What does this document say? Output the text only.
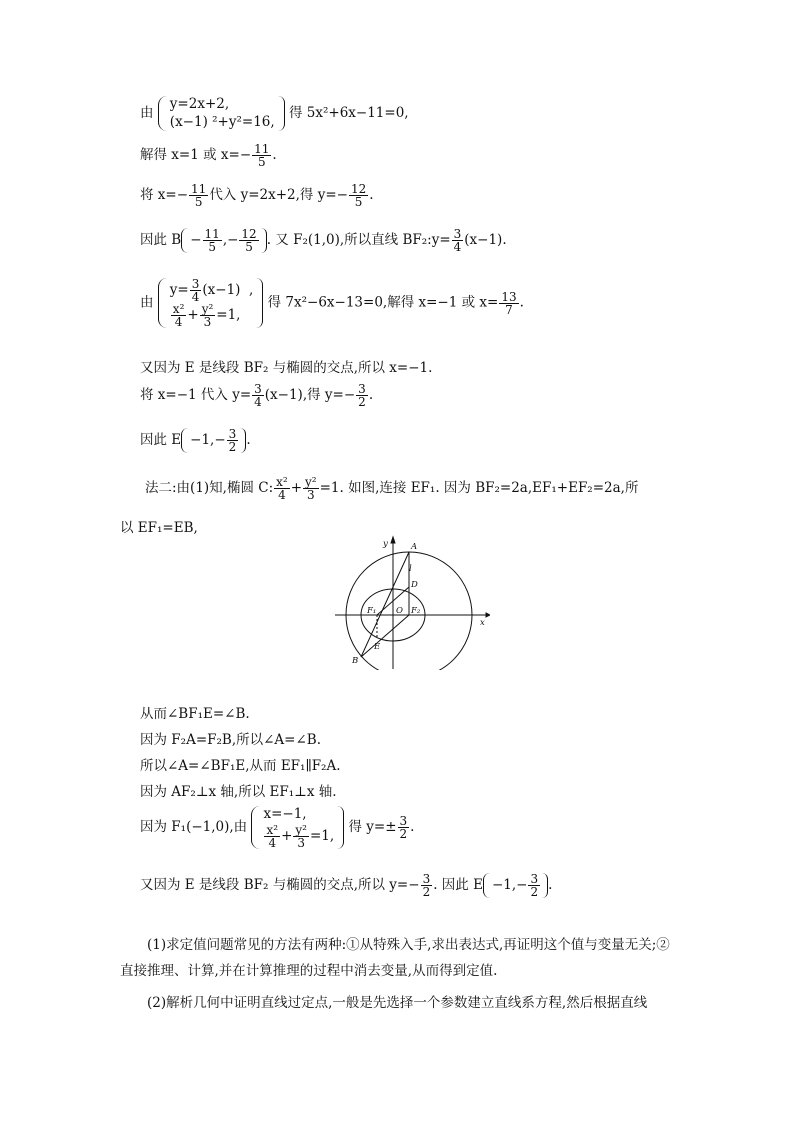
由
y=2x+2,
(x−1) ²+y²=16,
得 5x²+6x−11=0,
解得 x=1 或 $x=- \frac{11}{5}$ .
将 $x=- \frac{11}{5}$ 代入 y=2x+2,得 $y=- \frac{12}{5}$ .
因此 $B - \frac{11}{5}$ ,− $\frac{12}{5}$ . 又 F₂(1,0),所以直线 BF₂:y= $\frac{3}{4} (x-1)$.
由
$y= \frac{3}{4} (x-1)$  ,
$\frac{\text{x²}}{4} + \frac{\text{y²}}{3} =1$,
得 7x²−6x−13=0,解得 x=−1 或 $x= \frac{13}{7}$ .
又因为 E 是线段 BF₂ 与椭圆的交点,所以 x=−1.
将 x=−1 代入 $y= \frac{3}{4} (x-1)$,得 $y=- \frac{3}{2}$ .
因此 $E -1,- \frac{3}{2}$ .
法二:由(1)知,椭圆 C: $\frac{\text{x²}}{4} + \frac{\text{y²}}{3} =1$. 如图,连接 EF₁. 因为 BF₂=2a,EF₁+EF₂=2a,所
以 EF₁=EB,
y
x
A
l
D
F₁ O F₂
B
E
从而∠BF₁E=∠B.
因为 F₂A=F₂B,所以∠A=∠B.
所以∠A=∠BF₁E,从而 EF₁∥F₂A.
因为 AF₂⊥x 轴,所以 EF₁⊥x 轴.
因为 F₁(−1,0),由
x=−1,
$\frac{\text{x²}}{4} + \frac{\text{y²}}{3} =1$,
得 $y=\pm \frac{3}{2}$ .
又因为 E 是线段 BF₂ 与椭圆的交点,所以 $y=- \frac{3}{2}$ . 因此 $E -1,- \frac{3}{2}$ .
(1)求定值问题常见的方法有两种:①从特殊入手,求出表达式,再证明这个值与变量无关;②直接推理、计算,并在计算推理的过程中消去变量,从而得到定值.
(2)解析几何中证明直线过定点,一般是先选择一个参数建立直线系方程,然后根据直线
